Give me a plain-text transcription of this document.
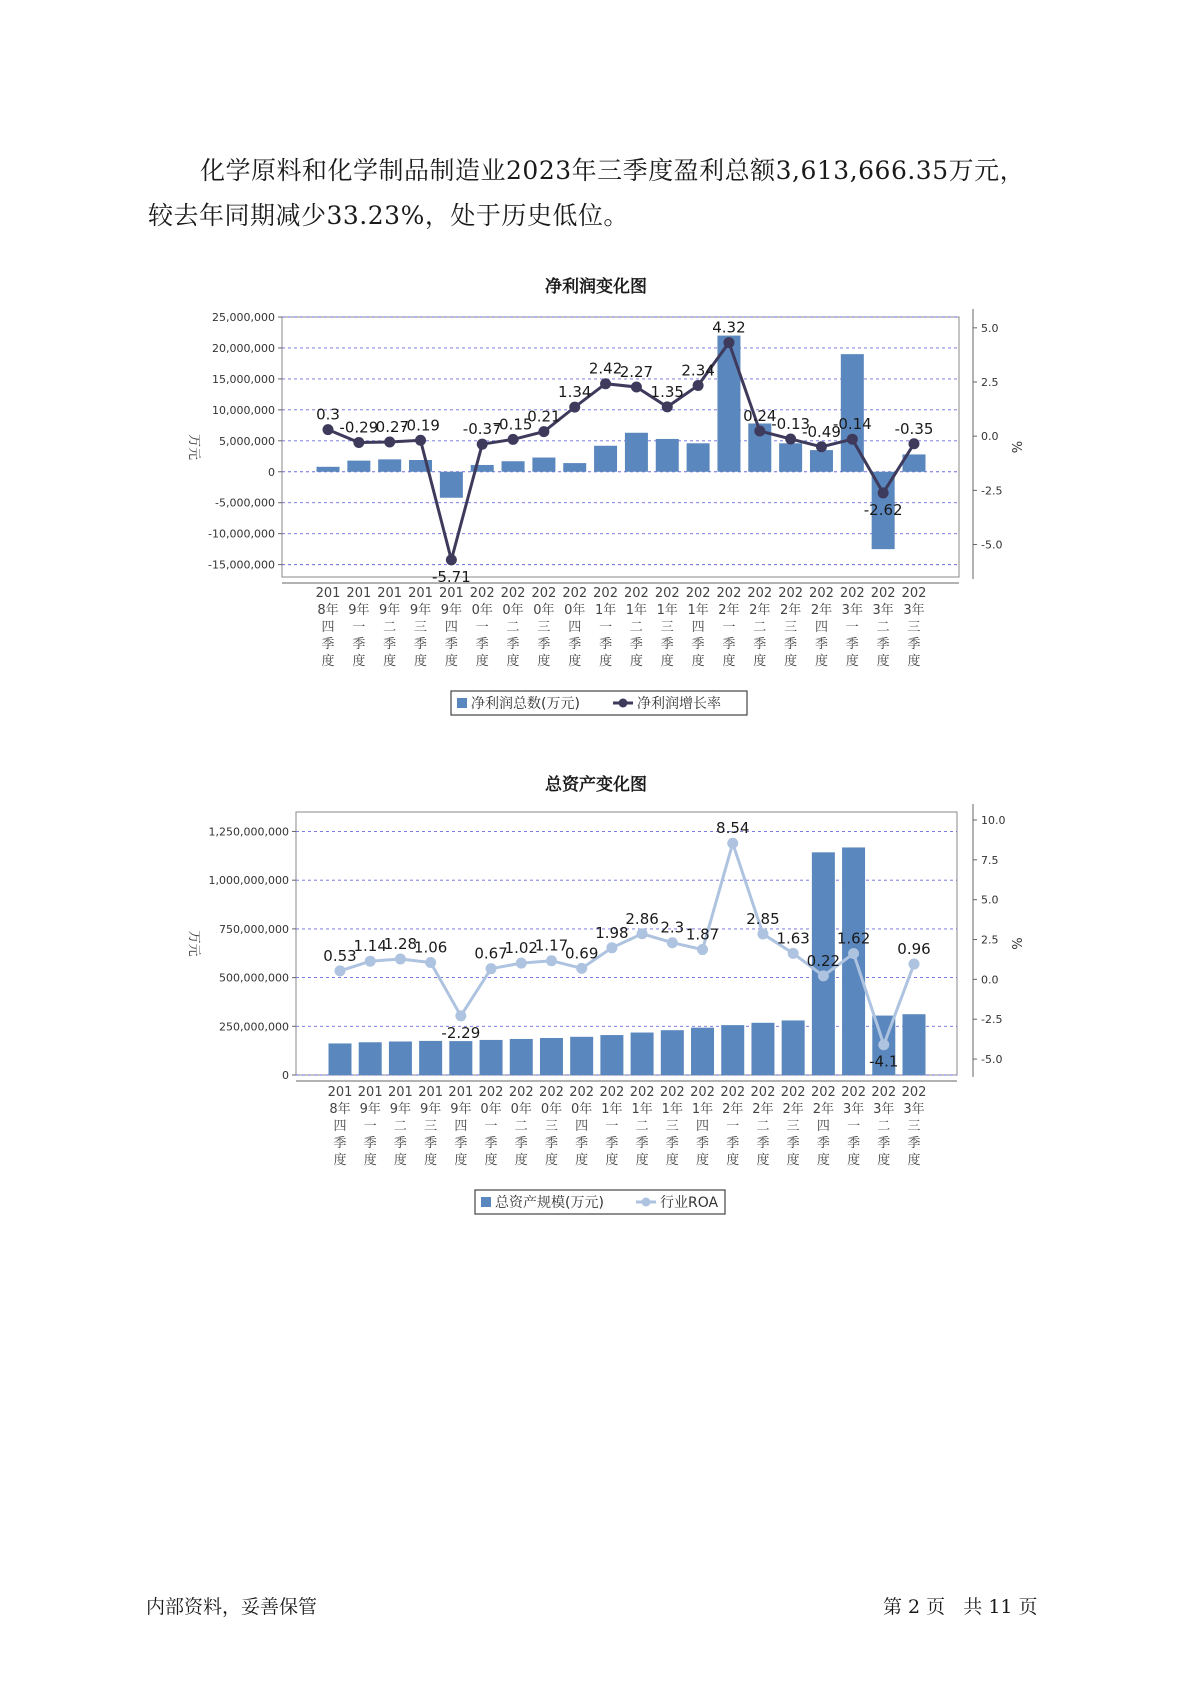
化学原料和化学制品制造业2023年三季度盈利总额3,613,666.35万元，较去年同期减少33.23%，处于历史低位。
净利润变化图
总资产变化图
25,000,000
20,000,000
15,000,000
10,000,000
5,000,000
0
-5,000,000
-10,000,000
-15,000,000
5.0
2.5
0.0
-2.5
-5.0
万元	%
0.3
-0.29
-0.27
-0.19
-5.71
-0.37
-0.15
0.21
1.34
2.42
2.27
1.35
2.34
4.32
0.24
-0.13
-0.49
-0.14
-2.62
-0.35
201 8年四季度
201 9年一季度
201 9年二季度
201 9年三季度
201 9年四季度
202 0年一季度
202 0年二季度
202 0年三季度
202 0年四季度
202 1年一季度
202 1年二季度
202 1年三季度
202 1年四季度
202 2年一季度
202 2年二季度
202 2年三季度
202 2年四季度
202 3年一季度
202 3年二季度
202 3年三季度
净利润总数(万元)	净利润增长率
1,250,000,000
1,000,000,000
750,000,000
500,000,000
250,000,000
0
10.0
7.5
5.0
2.5
0.0
-2.5
-5.0
万元	%
0.53
1.14
1.28
1.06
-2.29
0.67
1.02
1.17
0.69
1.98
2.86 2.3 1.87
8.54
2.85
1.63
0.22
1.62
-4.1
0.96
201 8年四季度
201 9年一季度
201 9年二季度
201 9年三季度
201 9年四季度
202 0年一季度
202 0年二季度
202 0年三季度
202 0年四季度
202 1年一季度
202 1年二季度
202 1年三季度
202 1年四季度
202 2年一季度
202 2年二季度
202 2年三季度
202 2年四季度
202 3年一季度
202 3年二季度
202 3年三季度
总资产规模(万元)	行业ROA
内部资料，妥善保管	第 2 页   共 11 页
